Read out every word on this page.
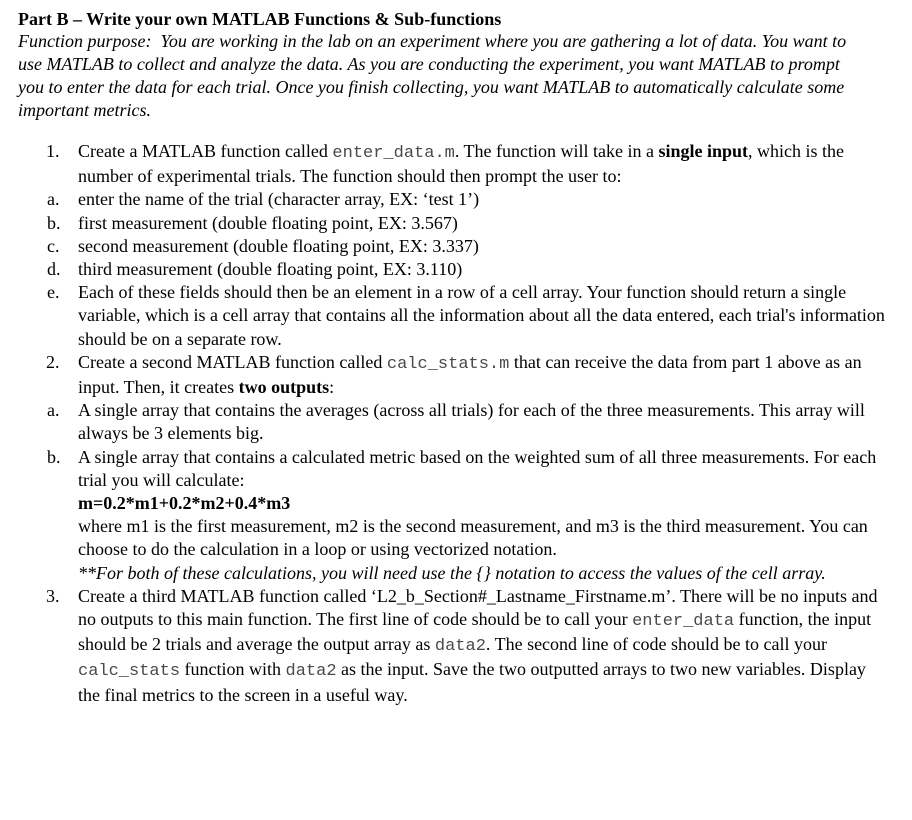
Part B – Write your own MATLAB Functions & Sub-functions

Function purpose: You are working in the lab on an experiment where you are gathering a lot of data. You want to use MATLAB to collect and analyze the data. As you are conducting the experiment, you want MATLAB to prompt you to enter the data for each trial. Once you finish collecting, you want MATLAB to automatically calculate some important metrics.

1. Create a MATLAB function called enter_data.m. The function will take in a single input, which is the number of experimental trials. The function should then prompt the user to:
a. enter the name of the trial (character array, EX: ‘test 1’)
b. first measurement (double floating point, EX: 3.567)
c. second measurement (double floating point, EX: 3.337)
d. third measurement (double floating point, EX: 3.110)
e. Each of these fields should then be an element in a row of a cell array. Your function should return a single variable, which is a cell array that contains all the information about all the data entered, each trial's information should be on a separate row.
2. Create a second MATLAB function called calc_stats.m that can receive the data from part 1 above as an input. Then, it creates two outputs:
a. A single array that contains the averages (across all trials) for each of the three measurements. This array will always be 3 elements big.
b. A single array that contains a calculated metric based on the weighted sum of all three measurements. For each trial you will calculate:
m=0.2*m1+0.2*m2+0.4*m3
where m1 is the first measurement, m2 is the second measurement, and m3 is the third measurement. You can choose to do the calculation in a loop or using vectorized notation.
**For both of these calculations, you will need use the {} notation to access the values of the cell array.
3. Create a third MATLAB function called ‘L2_b_Section#_Lastname_Firstname.m’. There will be no inputs and no outputs to this main function. The first line of code should be to call your enter_data function, the input should be 2 trials and average the output array as data2. The second line of code should be to call your calc_stats function with data2 as the input. Save the two outputted arrays to two new variables. Display the final metrics to the screen in a useful way.
